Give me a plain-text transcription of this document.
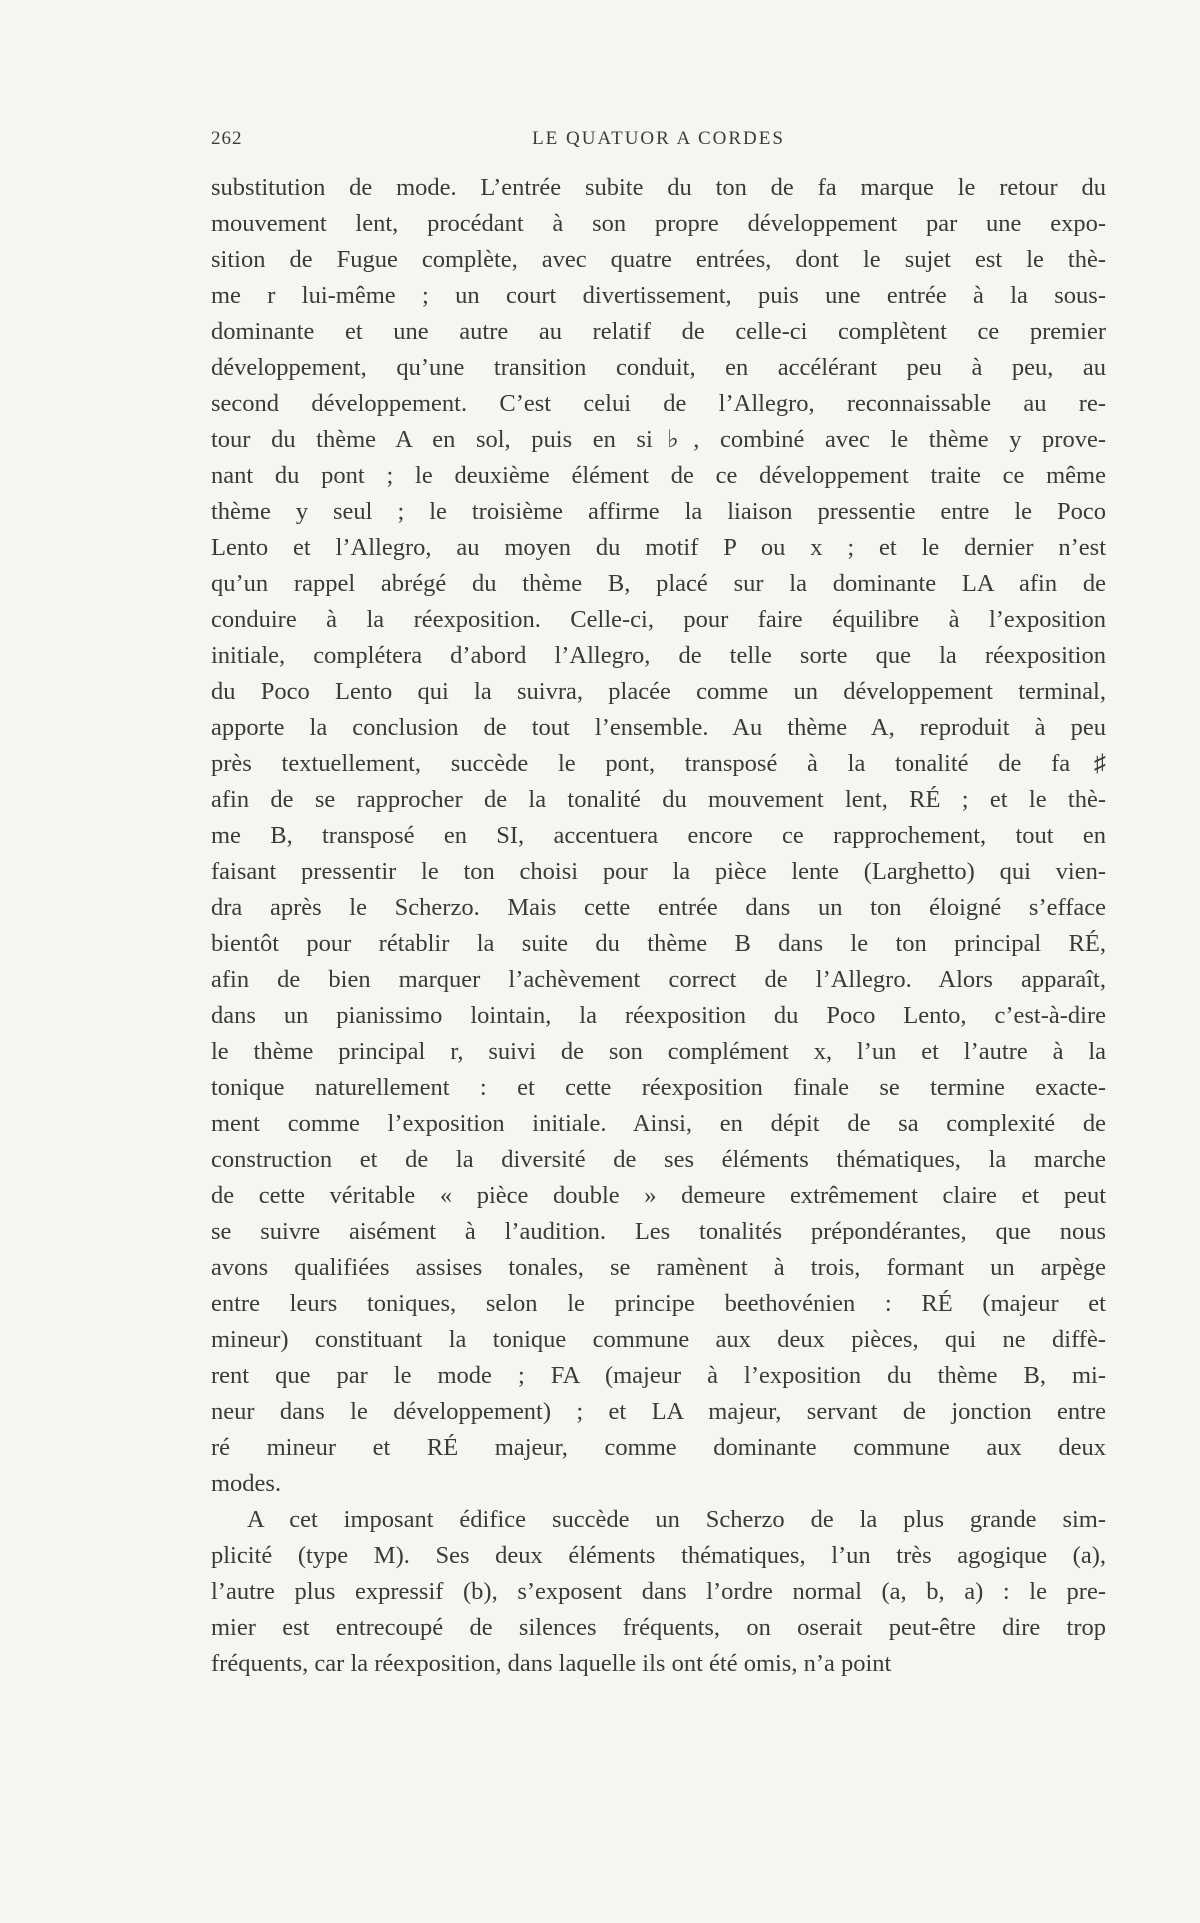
262	LE QUATUOR A CORDES
substitution de mode. L’entrée subite du ton de fa marque le retour du
mouvement lent, procédant à son propre développement par une expo-
sition de Fugue complète, avec quatre entrées, dont le sujet est le thè-
me r lui-même ; un court divertissement, puis une entrée à la sous-
dominante et une autre au relatif de celle-ci complètent ce premier
développement, qu’une transition conduit, en accélérant peu à peu, au
second développement. C’est celui de l’Allegro, reconnaissable au re-
tour du thème A en sol, puis en si♭, combiné avec le thème y prove-
nant du pont ; le deuxième élément de ce développement traite ce même
thème y seul ; le troisième affirme la liaison pressentie entre le Poco
Lento et l’Allegro, au moyen du motif P ou x ; et le dernier n’est
qu’un rappel abrégé du thème B, placé sur la dominante LA afin de
conduire à la réexposition. Celle-ci, pour faire équilibre à l’exposition
initiale, complétera d’abord l’Allegro, de telle sorte que la réexposition
du Poco Lento qui la suivra, placée comme un développement terminal,
apporte la conclusion de tout l’ensemble. Au thème A, reproduit à peu
près textuellement, succède le pont, transposé à la tonalité de fa♯
afin de se rapprocher de la tonalité du mouvement lent, RÉ ; et le thè-
me B, transposé en SI, accentuera encore ce rapprochement, tout en
faisant pressentir le ton choisi pour la pièce lente (Larghetto) qui vien-
dra après le Scherzo. Mais cette entrée dans un ton éloigné s’efface
bientôt pour rétablir la suite du thème B dans le ton principal RÉ,
afin de bien marquer l’achèvement correct de l’Allegro. Alors apparaît,
dans un pianissimo lointain, la réexposition du Poco Lento, c’est-à-dire
le thème principal r, suivi de son complément x, l’un et l’autre à la
tonique naturellement : et cette réexposition finale se termine exacte-
ment comme l’exposition initiale. Ainsi, en dépit de sa complexité de
construction et de la diversité de ses éléments thématiques, la marche
de cette véritable « pièce double » demeure extrêmement claire et peut
se suivre aisément à l’audition. Les tonalités prépondérantes, que nous
avons qualifiées assises tonales, se ramènent à trois, formant un arpège
entre leurs toniques, selon le principe beethovénien : RÉ (majeur et
mineur) constituant la tonique commune aux deux pièces, qui ne diffè-
rent que par le mode ; FA (majeur à l’exposition du thème B, mi-
neur dans le développement) ; et LA majeur, servant de jonction entre
ré mineur et RÉ majeur, comme dominante commune aux deux
modes.
A cet imposant édifice succède un Scherzo de la plus grande sim-
plicité (type M). Ses deux éléments thématiques, l’un très agogique (a),
l’autre plus expressif (b), s’exposent dans l’ordre normal (a, b, a) : le pre-
mier est entrecoupé de silences fréquents, on oserait peut-être dire trop
fréquents, car la réexposition, dans laquelle ils ont été omis, n’a point
